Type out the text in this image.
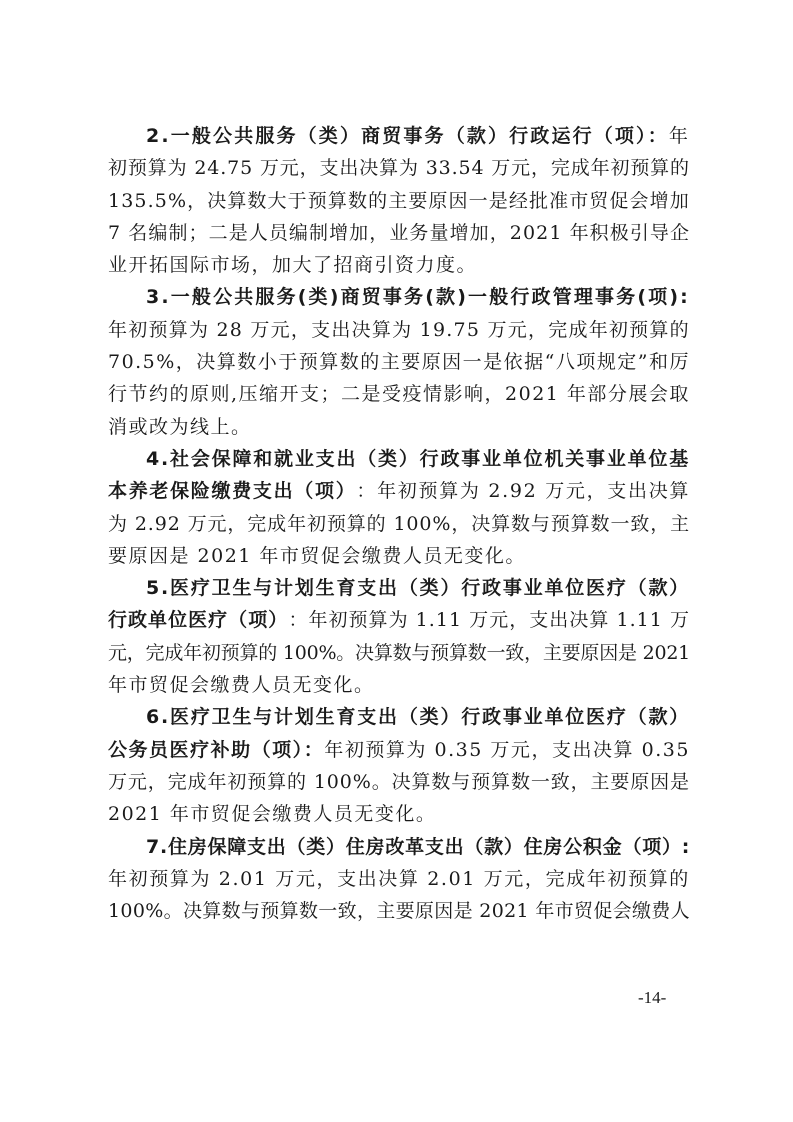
2.一般公共服务（类）商贸事务（款）行政运行（项）： 年
初预算为 24.75 万元，支出决算为 33.54 万元，完成年初预算的
135.5%，决算数大于预算数的主要原因一是经批准市贸促会增加
7 名编制；二是人员编制增加，业务量增加，2021 年积极引导企
业开拓国际市场，加大了招商引资力度。
3.一般公共服务(类)商贸事务(款)一般行政管理事务(项):
年初预算为 28 万元，支出决算为 19.75 万元，完成年初预算的
70.5%，决算数小于预算数的主要原因一是依据“八项规定”和厉
行节约的原则,压缩开支；二是受疫情影响，2021 年部分展会取
消或改为线上。
4.社会保障和就业支出（类）行政事业单位机关事业单位基
本养老保险缴费支出（项） ：年初预算为 2.92 万元，支出决算
为 2.92 万元，完成年初预算的 100%，决算数与预算数一致，主
要原因是 2021 年市贸促会缴费人员无变化。
5.医疗卫生与计划生育支出（类）行政事业单位医疗（款）
行政单位医疗（项） ：年初预算为 1.11 万元，支出决算 1.11 万
元，完成年初预算的 100%。决算数与预算数一致，主要原因是 2021
年市贸促会缴费人员无变化。
6.医疗卫生与计划生育支出（类）行政事业单位医疗（款）
公务员医疗补助（项）： 年初预算为 0.35 万元，支出决算 0.35
万元，完成年初预算的 100%。决算数与预算数一致，主要原因是
2021 年市贸促会缴费人员无变化。
7.住房保障支出（类）住房改革支出（款）住房公积金（项）:
年初预算为 2.01 万元，支出决算 2.01 万元，完成年初预算的
100%。决算数与预算数一致，主要原因是 2021 年市贸促会缴费人
-14-
